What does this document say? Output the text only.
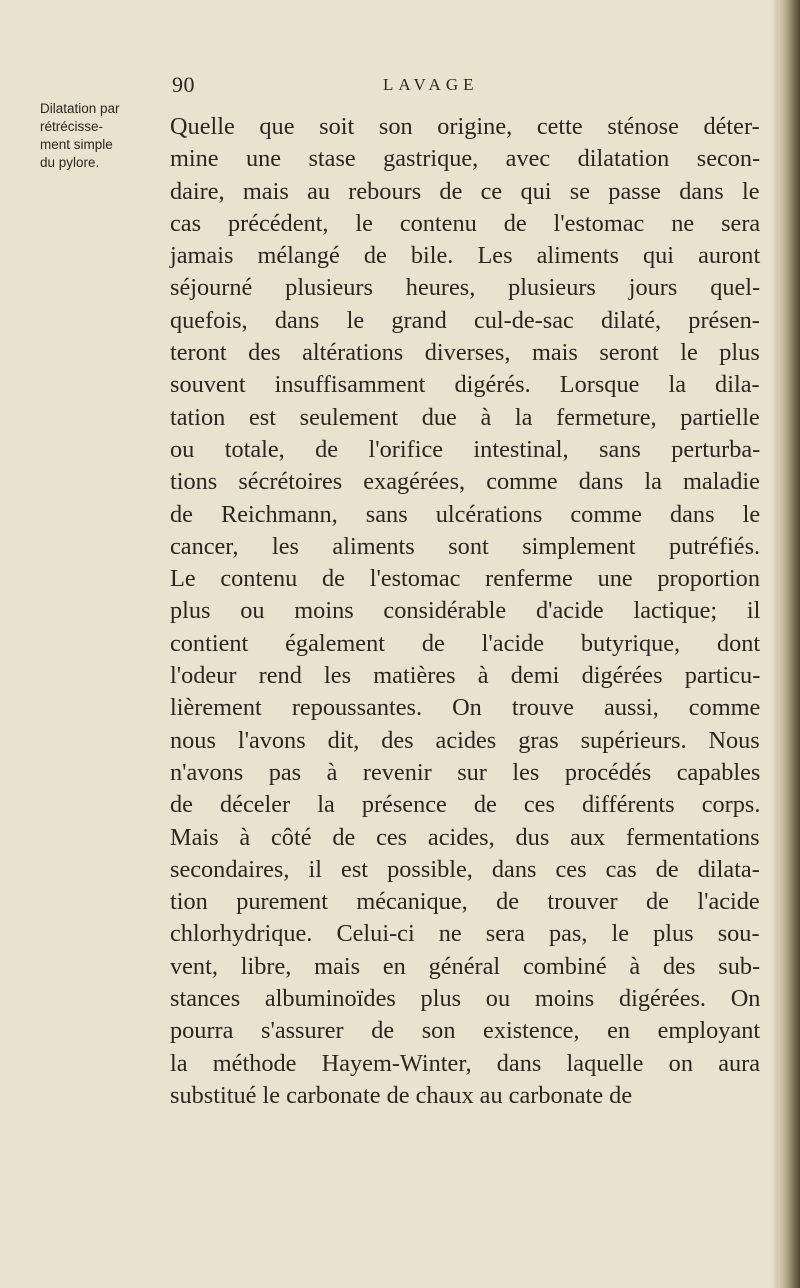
90	LAVAGE
Dilatation par
rétrécisse-
ment simple
du pylore.
Quelle que soit son origine, cette sténose déter-
mine une stase gastrique, avec dilatation secon-
daire, mais au rebours de ce qui se passe dans le
cas précédent, le contenu de l'estomac ne sera
jamais mélangé de bile. Les aliments qui auront
séjourné plusieurs heures, plusieurs jours quel-
quefois, dans le grand cul-de-sac dilaté, présen-
teront des altérations diverses, mais seront le plus
souvent insuffisamment digérés. Lorsque la dila-
tation est seulement due à la fermeture, partielle
ou totale, de l'orifice intestinal, sans perturba-
tions sécrétoires exagérées, comme dans la maladie
de Reichmann, sans ulcérations comme dans le
cancer, les aliments sont simplement putréfiés.
Le contenu de l'estomac renferme une proportion
plus ou moins considérable d'acide lactique; il
contient également de l'acide butyrique, dont
l'odeur rend les matières à demi digérées particu-
lièrement repoussantes. On trouve aussi, comme
nous l'avons dit, des acides gras supérieurs. Nous
n'avons pas à revenir sur les procédés capables
de déceler la présence de ces différents corps.
Mais à côté de ces acides, dus aux fermentations
secondaires, il est possible, dans ces cas de dilata-
tion purement mécanique, de trouver de l'acide
chlorhydrique. Celui-ci ne sera pas, le plus sou-
vent, libre, mais en général combiné à des sub-
stances albuminoïdes plus ou moins digérées. On
pourra s'assurer de son existence, en employant
la méthode Hayem-Winter, dans laquelle on aura
substitué le carbonate de chaux au carbonate de
